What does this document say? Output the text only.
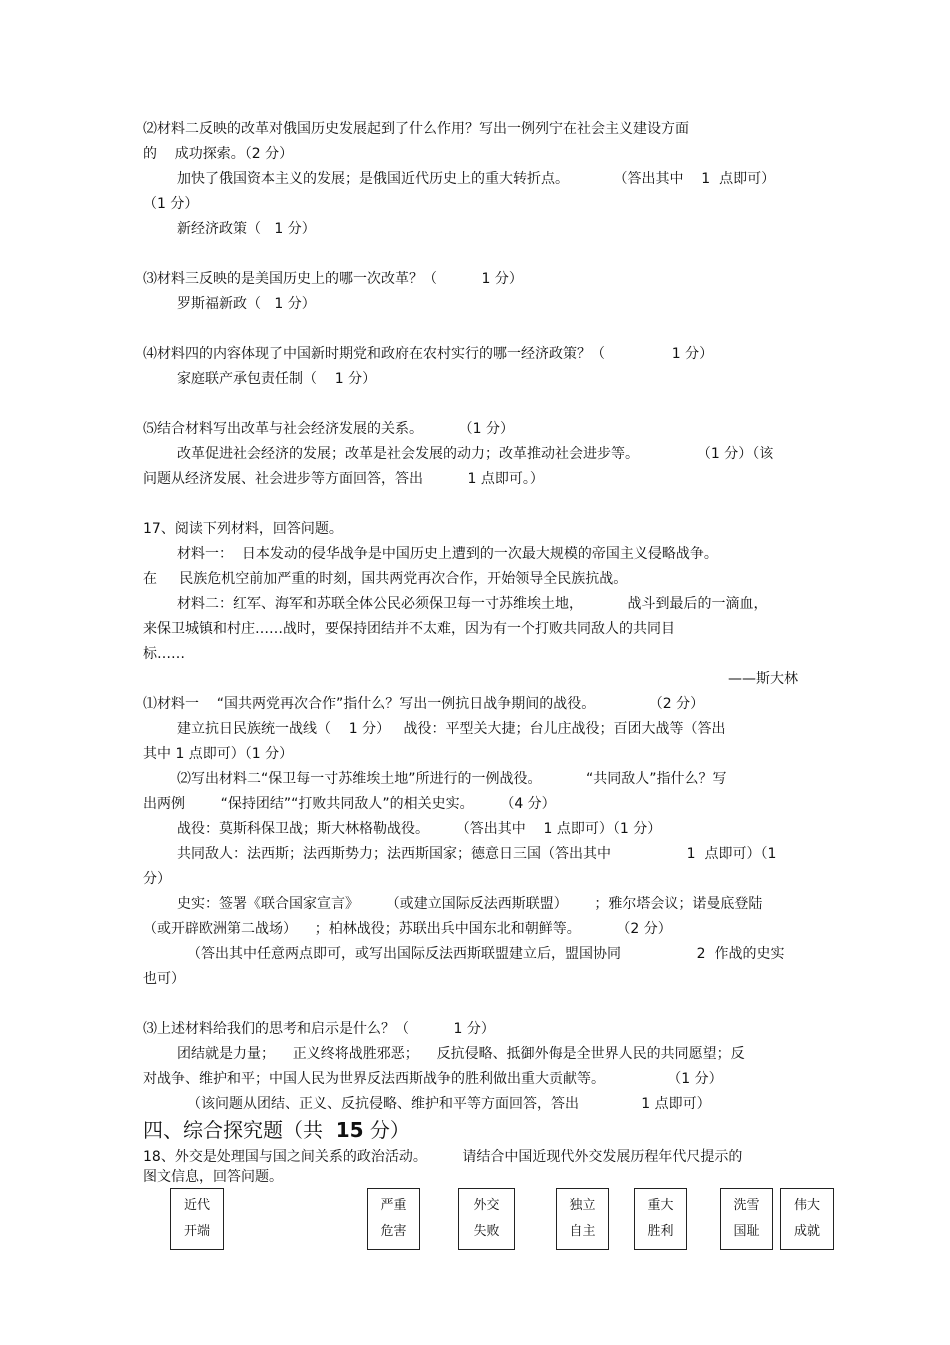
⑵材料二反映的改革对俄国历史发展起到了什么作用？写出一例列宁在社会主义建设方面
的    成功探索。（2 分）
加快了俄国资本主义的发展；是俄国近代历史上的重大转折点。          （答出其中    1  点即可）
（1 分）
新经济政策（   1 分）
⑶材料三反映的是美国历史上的哪一次改革？（          1 分）
罗斯福新政（   1 分）
⑷材料四的内容体现了中国新时期党和政府在农村实行的哪一经济政策？（               1 分）
家庭联产承包责任制（    1 分）
⑸结合材料写出改革与社会经济发展的关系。        （1 分）
改革促进社会经济的发展；改革是社会发展的动力；改革推动社会进步等。             （1 分）（该
问题从经济发展、社会进步等方面回答，答出          1 点即可。）
17、阅读下列材料，回答问题。
材料一：  日本发动的侵华战争是中国历史上遭到的一次最大规模的帝国主义侵略战争。
在     民族危机空前加严重的时刻，国共两党再次合作，开始领导全民族抗战。
材料二：红军、海军和苏联全体公民必须保卫每一寸苏维埃土地，          战斗到最后的一滴血，
来保卫城镇和村庄……战时，要保持团结并不太难，因为有一个打败共同敌人的共同目
标……
——斯大林
⑴材料一    “国共两党再次合作”指什么？写出一例抗日战争期间的战役。            （2 分）
建立抗日民族统一战线（    1 分）   战役：平型关大捷；台儿庄战役；百团大战等（答出
其中 1 点即可）（1 分）
⑵写出材料二“保卫每一寸苏维埃土地”所进行的一例战役。          “共同敌人”指什么？写
出两例        “保持团结”“打败共同敌人”的相关史实。      （4 分）
战役：莫斯科保卫战；斯大林格勒战役。      （答出其中    1 点即可）（1 分）
共同敌人：法西斯；法西斯势力；法西斯国家；德意日三国（答出其中                 1  点即可）（1
分）
史实：签署《联合国家宣言》      （或建立国际反法西斯联盟）      ；雅尔塔会议；诺曼底登陆
（或开辟欧洲第二战场）    ；柏林战役；苏联出兵中国东北和朝鲜等。        （2 分）
（答出其中任意两点即可，或写出国际反法西斯联盟建立后，盟国协同                 2  作战的史实
也可）
⑶上述材料给我们的思考和启示是什么？（          1 分）
团结就是力量；    正义终将战胜邪恶；    反抗侵略、抵御外侮是全世界人民的共同愿望；反
对战争、维护和平；中国人民为世界反法西斯战争的胜利做出重大贡献等。              （1 分）
（该问题从团结、正义、反抗侵略、维护和平等方面回答，答出              1 点即可）
四、综合探究题（共  15 分）
18、外交是处理国与国之间关系的政治活动。        请结合中国近现代外交发展历程年代尺提示的
图文信息，回答问题。
近代
开端
严重
危害
外交
失败
独立
自主
重大
胜利
洗雪
国耻
伟大
成就
